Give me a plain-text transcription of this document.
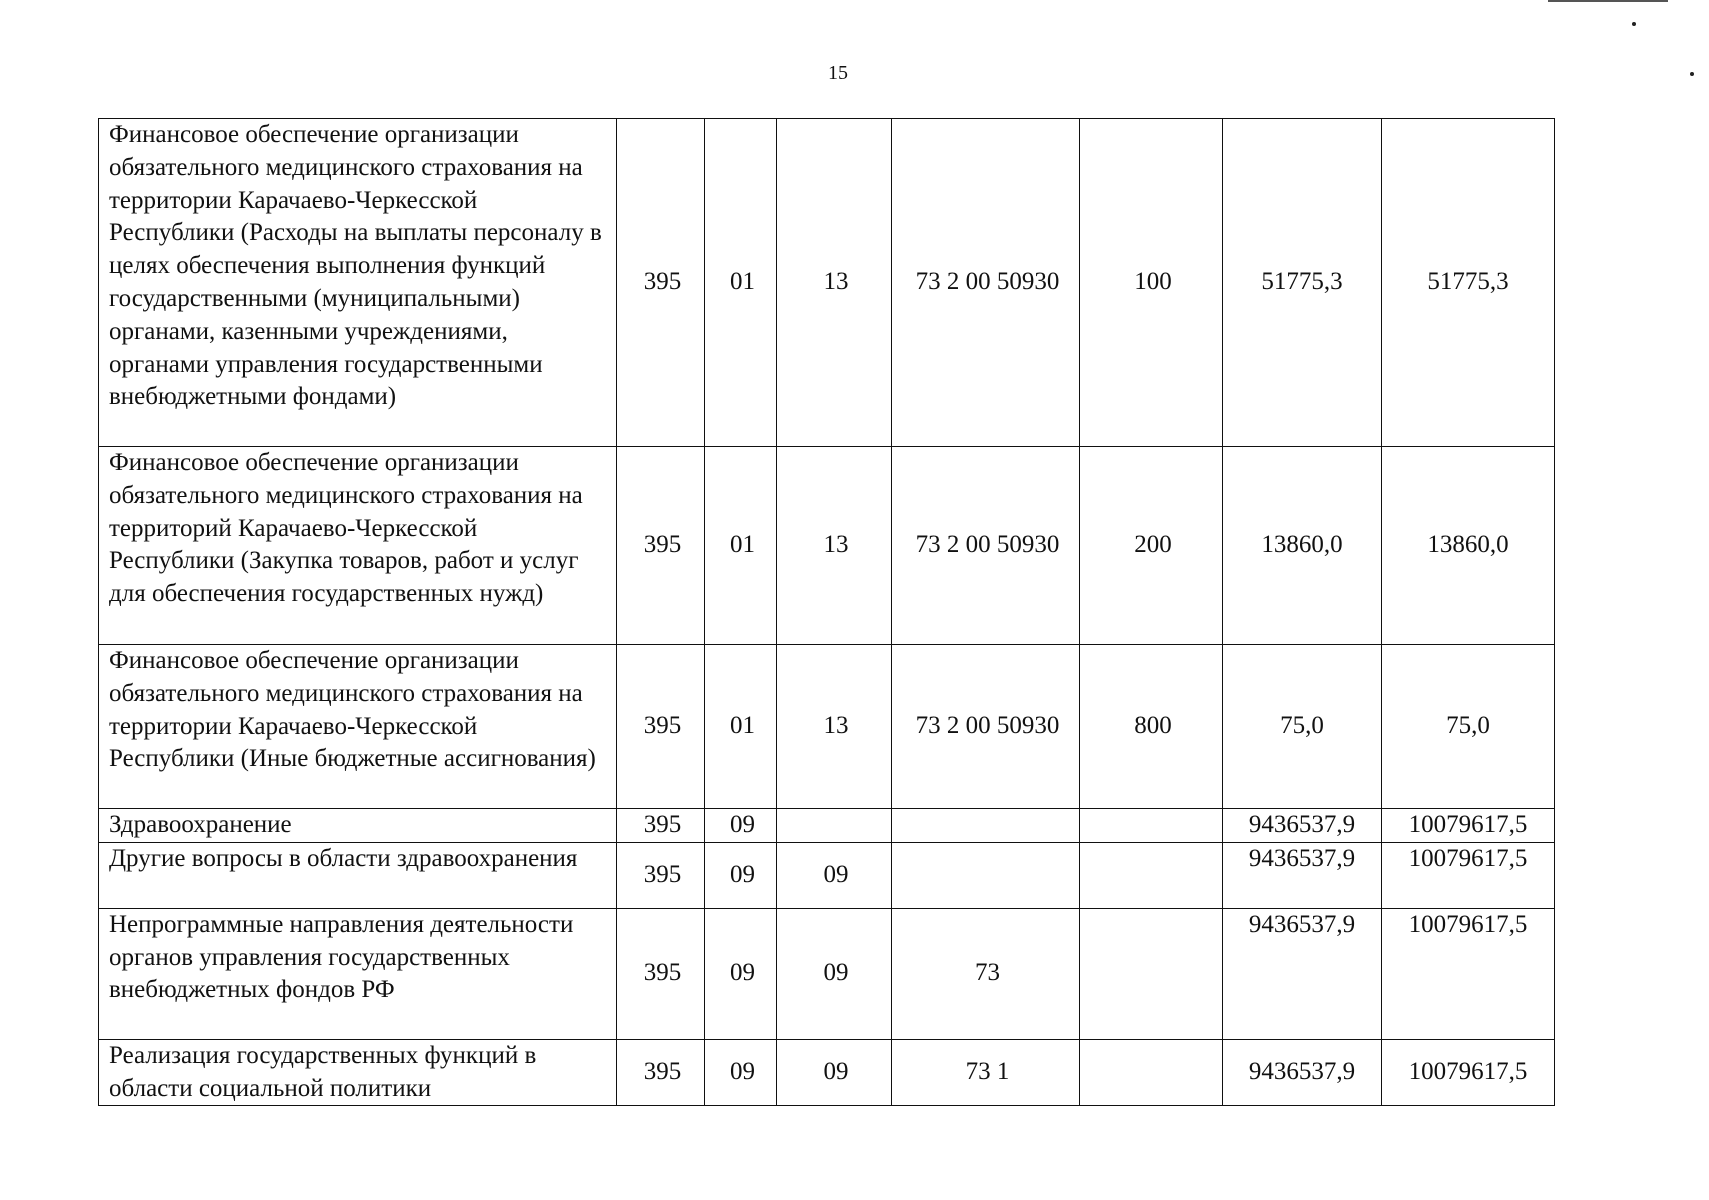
15
Финансовое обеспечение организации обязательного медицинского страхования на территории Карачаево-Черкесской Республики (Расходы на выплаты персоналу в целях обеспечения выполнения функций государственными (муниципальными) органами, казенными учреждениями, органами управления государственными внебюджетными фондами)	395	01	13	73 2 00 50930	100	51775,3	51775,3
Финансовое обеспечение организации обязательного медицинского страхования на территорий Карачаево-Черкесской Республики (Закупка товаров, работ и услуг для обеспечения государственных нужд)	395	01	13	73 2 00 50930	200	13860,0	13860,0
Финансовое обеспечение организации обязательного медицинского страхования на территории Карачаево-Черкесской Республики (Иные бюджетные ассигнования)	395	01	13	73 2 00 50930	800	75,0	75,0
Здравоохранение	395	09				9436537,9	10079617,5
Другие вопросы в области здравоохранения	395	09	09			9436537,9	10079617,5
Непрограммные направления деятельности органов управления государственных внебюджетных фондов РФ	395	09	09	73		9436537,9	10079617,5
Реализация государственных функций в области социальной политики	395	09	09	73 1		9436537,9	10079617,5
